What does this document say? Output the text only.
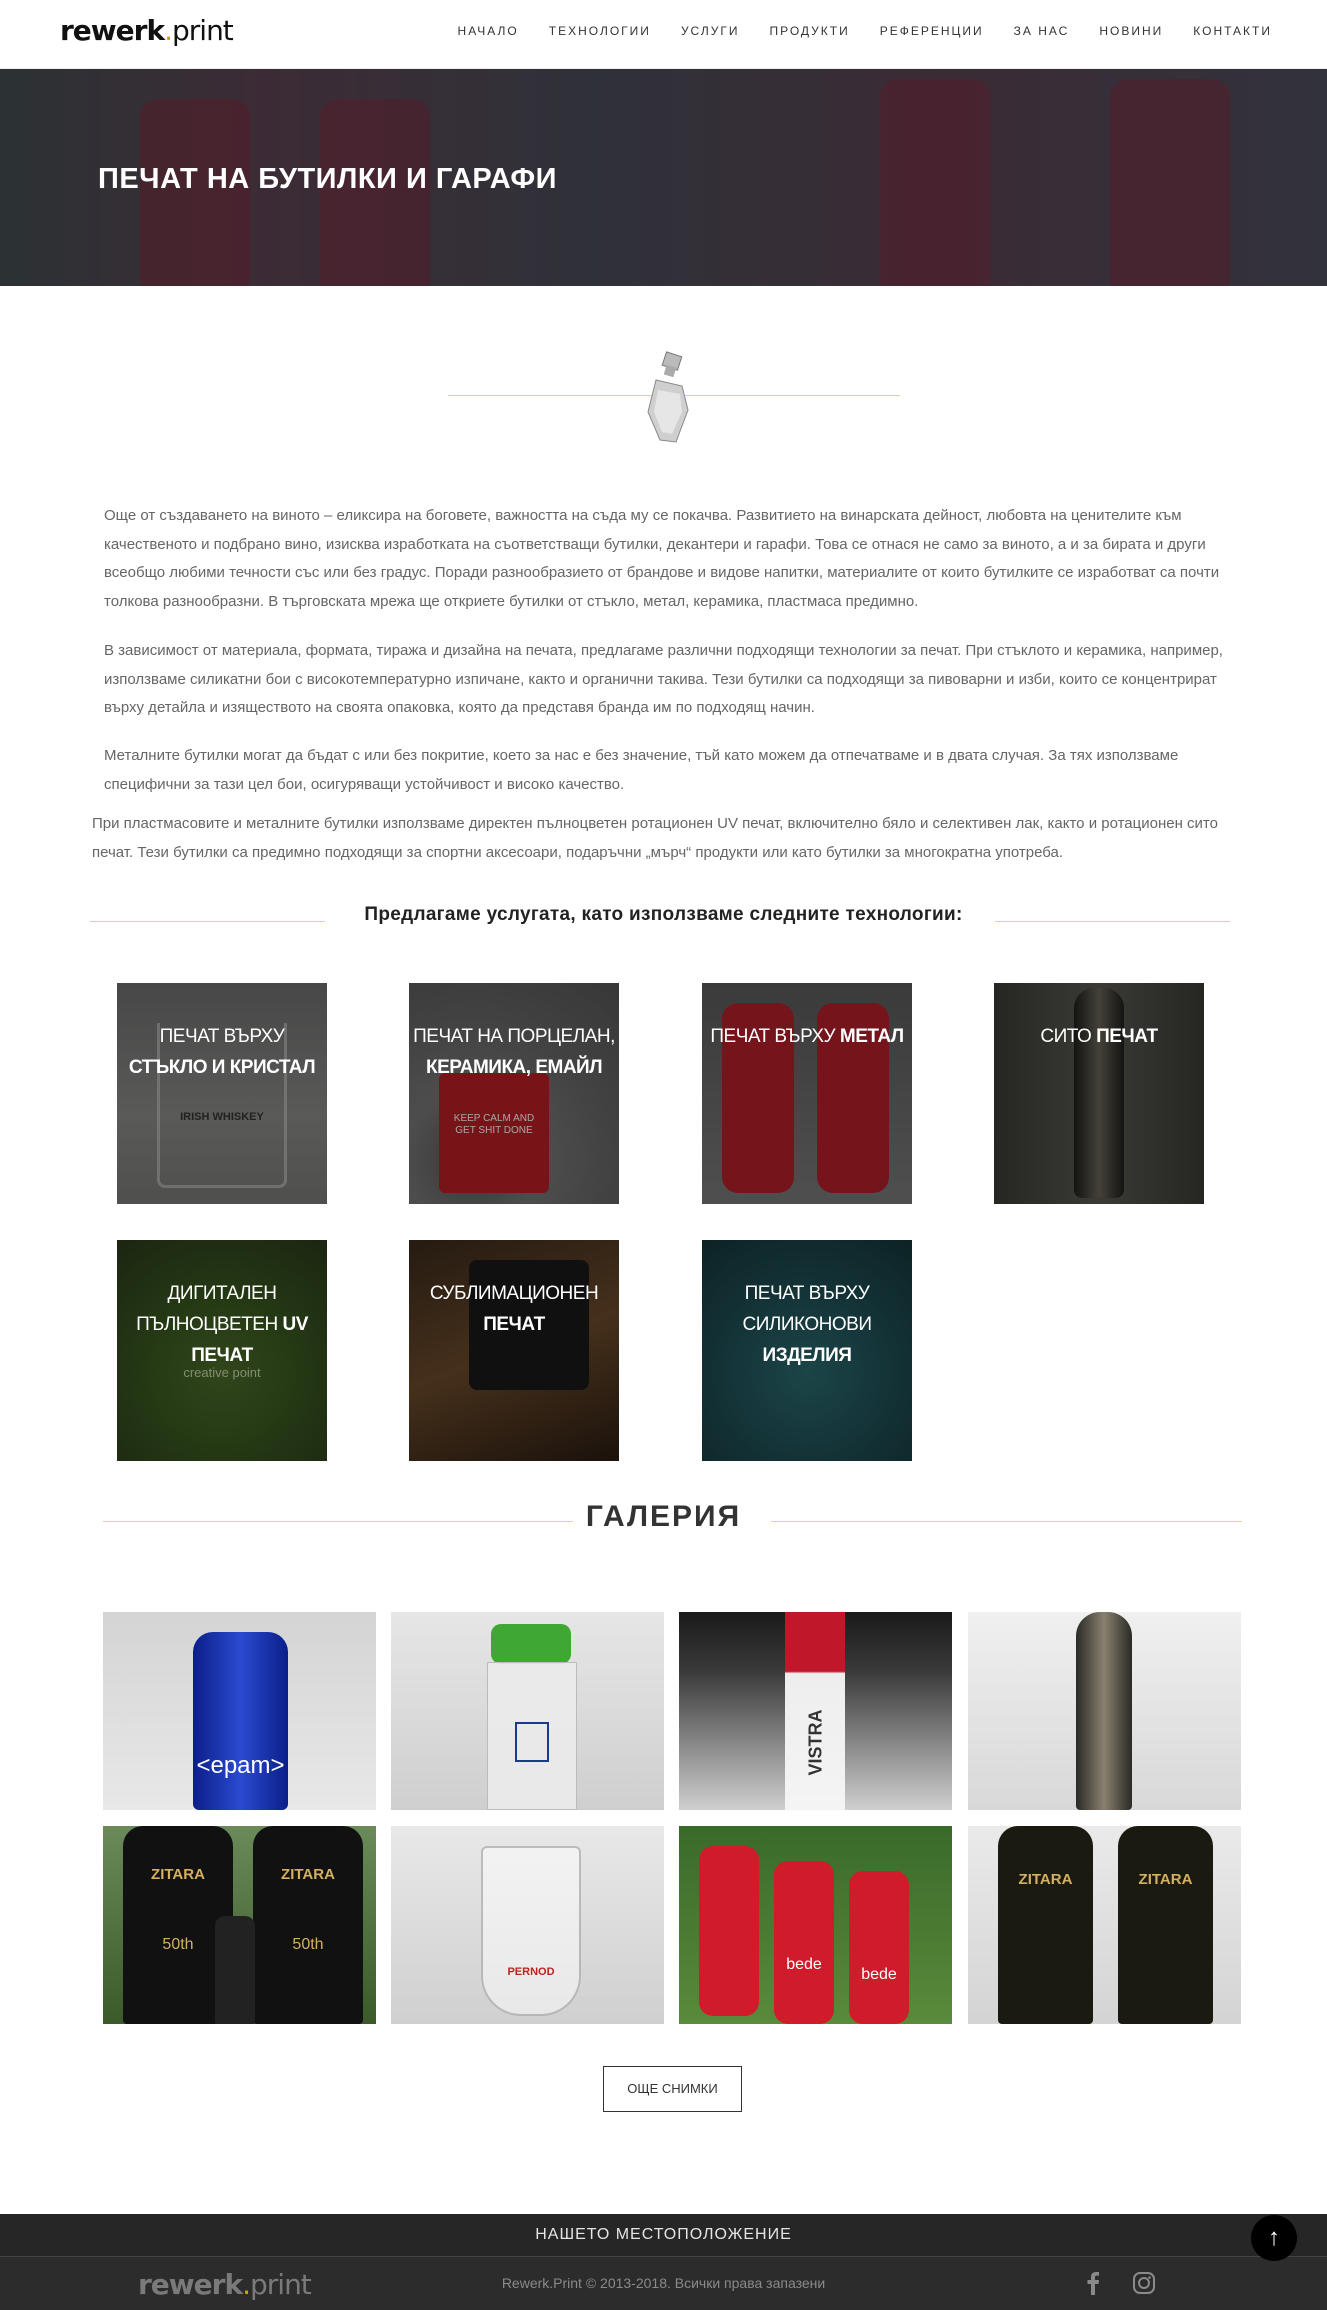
rewerk.print	НАЧАЛО	ТЕХНОЛОГИИ	УСЛУГИ	ПРОДУКТИ	РЕФЕРЕНЦИИ	ЗА НАС	НОВИНИ	КОНТАКТИ
ПЕЧАТ НА БУТИЛКИ И ГАРАФИ

Още от създаването на виното – еликсира на боговете, важността на съда му се покачва. Развитието на винарската дейност, любовта на ценителите към качественото и подбрано вино, изисква изработката на съответстващи бутилки, декантери и гарафи. Това се отнася не само за виното, а и за бирата и други всеобщо любими течности със или без градус. Поради разнообразието от брандове и видове напитки, материалите от които бутилките се изработват са почти толкова разнообразни. В търговската мрежа ще откриете бутилки от стъкло, метал, керамика, пластмаса предимно.

В зависимост от материала, формата, тиража и дизайна на печата, предлагаме различни подходящи технологии за печат. При стъклото и керамика, например, използваме силикатни бои с високотемпературно изпичане, както и органични такива. Тези бутилки са подходящи за пивоварни и изби, които се концентрират върху детайла и изяществото на своята опаковка, която да представя бранда им по подходящ начин.

Металните бутилки могат да бъдат с или без покритие, което за нас е без значение, тъй като можем да отпечатваме и в двата случая. За тях използваме специфични за тази цел бои, осигуряващи устойчивост и високо качество.

При пластмасовите и металните бутилки използваме директен пълноцветен ротационен UV печат, включително бяло и селективен лак, както и ротационен сито печат. Тези бутилки са предимно подходящи за спортни аксесоари, подаръчни „мърч“ продукти или като бутилки за многократна употреба.

Предлагаме услугата, като използваме следните технологии:
IRISH WHISKEY
ПЕЧАТ ВЪРХУ СТЪКЛО И КРИСТАЛ
KEEP CALM AND GET SHIT DONE
ПЕЧАТ НА ПОРЦЕЛАН, КЕРАМИКА, ЕМАЙЛ
ПЕЧАТ ВЪРХУ МЕТАЛ	СИТО ПЕЧАТ
creative point
ДИГИТАЛЕН ПЪЛНОЦВЕТЕН UV ПЕЧАТ
СУБЛИМАЦИОНЕН ПЕЧАТ
ПЕЧАТ ВЪРХУ СИЛИКОНОВИ ИЗДЕЛИЯ
ГАЛЕРИЯ
<epam>	VISTRA
ZITARA	ZITARA
50th	50th
PERNOD	bede
bede
ZITARA	ZITARA
ОЩЕ СНИМКИ
НАШЕТО МЕСТОПОЛОЖЕНИЕ
rewerk.print	Rewerk.Print © 2013-2018. Всички права запазени
↑
